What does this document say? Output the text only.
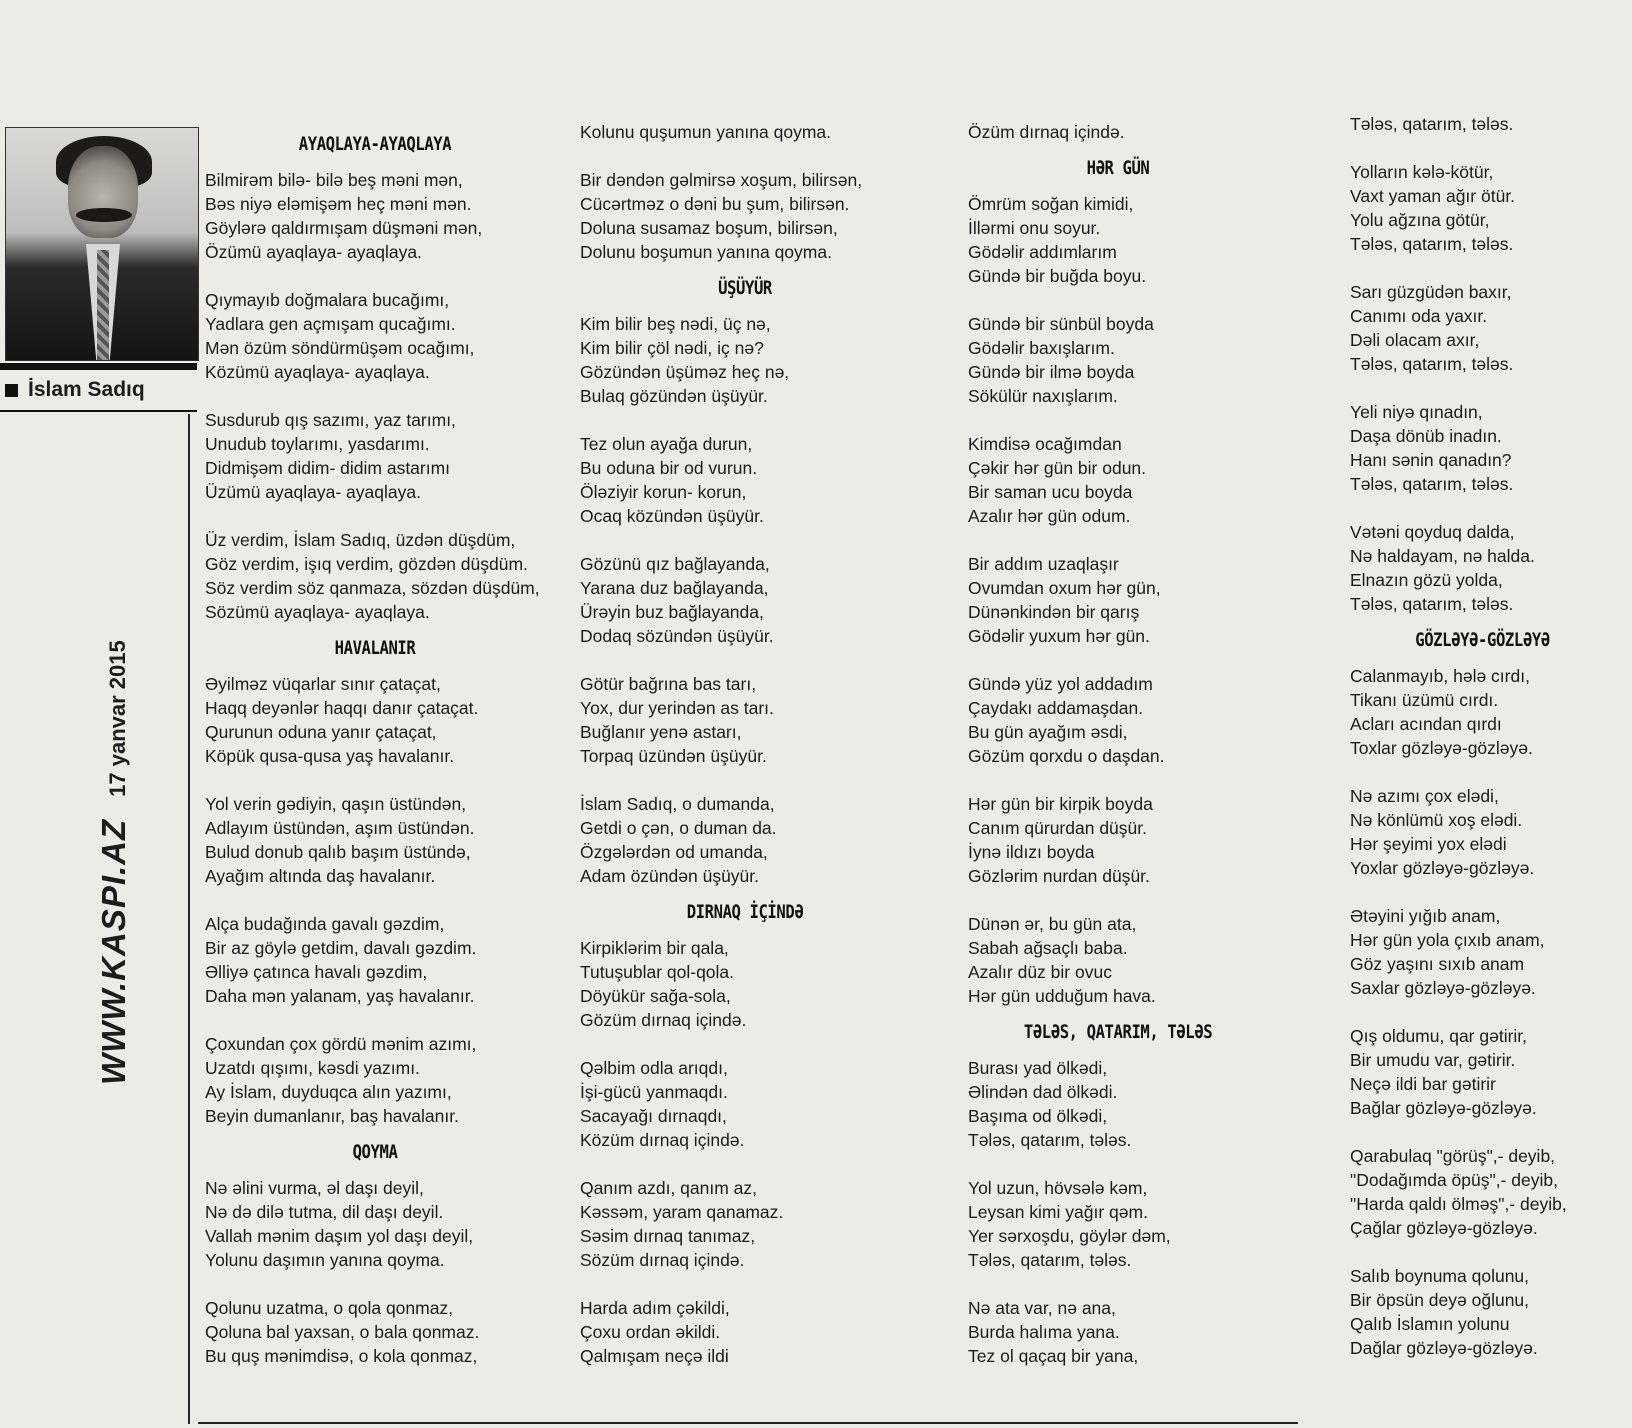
İslam Sadıq
WWW.KASPI.AZ
17 yanvar 2015
AYAQLAYA-AYAQLAYA
Bilmirəm bilə- bilə beş məni mən,
Bəs niyə eləmişəm heç məni mən.
Göylərə qaldırmışam düşməni mən,
Özümü ayaqlaya- ayaqlaya.
Qıymayıb doğmalara bucağımı,
Yadlara gen açmışam qucağımı.
Mən özüm söndürmüşəm ocağımı,
Közümü ayaqlaya- ayaqlaya.
Susdurub qış sazımı, yaz tarımı,
Unudub toylarımı, yasdarımı.
Didmişəm didim- didim astarımı
Üzümü ayaqlaya- ayaqlaya.
Üz verdim, İslam Sadıq, üzdən düşdüm,
Göz verdim, işıq verdim, gözdən düşdüm.
Söz verdim söz qanmaza, sözdən düşdüm,
Sözümü ayaqlaya- ayaqlaya.
HAVALANIR
Əyilməz vüqarlar sınır çataçat,
Haqq deyənlər haqqı danır çataçat.
Qurunun oduna yanır çataçat,
Köpük qusa-qusa yaş havalanır.
Yol verin gədiyin, qaşın üstündən,
Adlayım üstündən, aşım üstündən.
Bulud donub qalıb başım üstündə,
Ayağım altında daş havalanır.
Alça budağında gavalı gəzdim,
Bir az göylə getdim, davalı gəzdim.
Əlliyə çatınca havalı gəzdim,
Daha mən yalanam, yaş havalanır.
Çoxundan çox gördü mənim azımı,
Uzatdı qışımı, kəsdi yazımı.
Ay İslam, duyduqca alın yazımı,
Beyin dumanlanır, baş havalanır.
QOYMA
Nə əlini vurma, əl daşı deyil,
Nə də dilə tutma, dil daşı deyil.
Vallah mənim daşım yol daşı deyil,
Yolunu daşımın yanına qoyma.
Qolunu uzatma, o qola qonmaz,
Qoluna bal yaxsan, o bala qonmaz.
Bu quş mənimdisə, o kola qonmaz,
Kolunu quşumun yanına qoyma.
Bir dəndən gəlmirsə xoşum, bilirsən,
Cücərtməz o dəni bu şum, bilirsən.
Doluna susamaz boşum, bilirsən,
Dolunu boşumun yanına qoyma.
ÜŞÜYÜR
Kim bilir beş nədi, üç nə,
Kim bilir çöl nədi, iç nə?
Gözündən üşüməz heç nə,
Bulaq gözündən üşüyür.
Tez olun ayağa durun,
Bu oduna bir od vurun.
Öləziyir korun- korun,
Ocaq közündən üşüyür.
Gözünü qız bağlayanda,
Yarana duz bağlayanda,
Ürəyin buz bağlayanda,
Dodaq sözündən üşüyür.
Götür bağrına bas tarı,
Yox, dur yerindən as tarı.
Buğlanır yenə astarı,
Torpaq üzündən üşüyür.
İslam Sadıq, o dumanda,
Getdi o çən, o duman da.
Özgələrdən od umanda,
Adam özündən üşüyür.
DIRNAQ İÇİNDƏ
Kirpiklərim bir qala,
Tutuşublar qol-qola.
Döyükür sağa-sola,
Gözüm dırnaq içində.
Qəlbim odla arıqdı,
İşi-gücü yanmaqdı.
Sacayağı dırnaqdı,
Közüm dırnaq içində.
Qanım azdı, qanım az,
Kəssəm, yaram qanamaz.
Səsim dırnaq tanımaz,
Sözüm dırnaq içində.
Harda adım çəkildi,
Çoxu ordan əkildi.
Qalmışam neçə ildi
Özüm dırnaq içində.
HƏR GÜN
Ömrüm soğan kimidi,
İllərmi onu soyur.
Gödəlir addımlarım
Gündə bir buğda boyu.
Gündə bir sünbül boyda
Gödəlir baxışlarım.
Gündə bir ilmə boyda
Sökülür naxışlarım.
Kimdisə ocağımdan
Çəkir hər gün bir odun.
Bir saman ucu boyda
Azalır hər gün odum.
Bir addım uzaqlaşır
Ovumdan oxum hər gün,
Dünənkindən bir qarış
Gödəlir yuxum hər gün.
Gündə yüz yol addadım
Çaydakı addamaşdan.
Bu gün ayağım əsdi,
Gözüm qorxdu o daşdan.
Hər gün bir kirpik boyda
Canım qürurdan düşür.
İynə ildızı boyda
Gözlərim nurdan düşür.
Dünən ər, bu gün ata,
Sabah ağsaçlı baba.
Azalır düz bir ovuc
Hər gün udduğum hava.
TƏLƏS, QATARIM, TƏLƏS
Burası yad ölkədi,
Əlindən dad ölkədi.
Başıma od ölkədi,
Tələs, qatarım, tələs.
Yol uzun, hövsələ kəm,
Leysan kimi yağır qəm.
Yer sərxoşdu, göylər dəm,
Tələs, qatarım, tələs.
Nə ata var, nə ana,
Burda halıma yana.
Tez ol qaçaq bir yana,
Tələs, qatarım, tələs.
Yolların kələ-kötür,
Vaxt yaman ağır ötür.
Yolu ağzına götür,
Tələs, qatarım, tələs.
Sarı güzgüdən baxır,
Canımı oda yaxır.
Dəli olacam axır,
Tələs, qatarım, tələs.
Yeli niyə qınadın,
Daşa dönüb inadın.
Hanı sənin qanadın?
Tələs, qatarım, tələs.
Vətəni qoyduq dalda,
Nə haldayam, nə halda.
Elnazın gözü yolda,
Tələs, qatarım, tələs.
GÖZLƏYƏ-GÖZLƏYƏ
Calanmayıb, hələ cırdı,
Tikanı üzümü cırdı.
Acları acından qırdı
Toxlar gözləyə-gözləyə.
Nə azımı çox elədi,
Nə könlümü xoş elədi.
Hər şeyimi yox elədi
Yoxlar gözləyə-gözləyə.
Ətəyini yığıb anam,
Hər gün yola çıxıb anam,
Göz yaşını sıxıb anam
Saxlar gözləyə-gözləyə.
Qış oldumu, qar gətirir,
Bir umudu var, gətirir.
Neçə ildi bar gətirir
Bağlar gözləyə-gözləyə.
Qarabulaq "görüş",- deyib,
"Dodağımda öpüş",- deyib,
"Harda qaldı ölməş",- deyib,
Çağlar gözləyə-gözləyə.
Salıb boynuma qolunu,
Bir öpsün deyə oğlunu,
Qalıb İslamın yolunu
Dağlar gözləyə-gözləyə.
